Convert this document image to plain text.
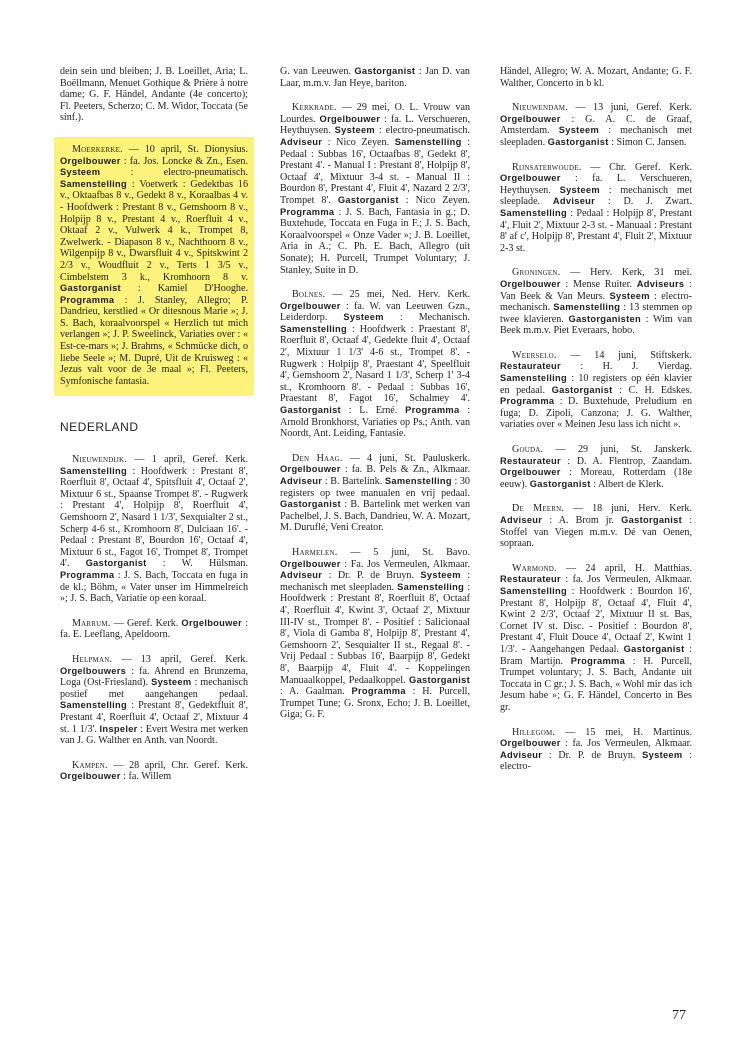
dein sein und bleiben; J. B. Loeillet, Aria; L. Boëllmann, Menuet Gothique & Prière à notre dame; G. F. Händel, Andante (4e concerto); Fl. Peeters, Scherzo; C. M. Widor, Toccata (5e sinf.).
Moerkerke. — 10 april, St. Dionysius. Orgelbouwer : fa. Jos. Loncke & Zn., Esen. Systeem : electro-pneumatisch. Samenstelling : Voetwerk : Gedektbas 16 v., Oktaafbas 8 v., Gedekt 8 v., Koraalbas 4 v. - Hoofdwerk : Prestant 8 v., Gemshoorn 8 v., Holpijp 8 v., Prestant 4 v., Roerfluit 4 v., Oktaaf 2 v., Vulwerk 4 k., Trompet 8, Zwelwerk. - Diapason 8 v., Nachthoorn 8 v., Wilgenpijp 8 v., Dwarsfluit 4 v., Spitskwint 2 2/3 v., Woudfluit 2 v., Terts 1 3/5 v., Cimbelstem 3 k., Kromhoorn 8 v. Gastorganist : Kamiel D'Hooghe. Programma : J. Stanley, Allegro; P. Dandrieu, kerstlied « Or ditesnous Marie »; J. S. Bach, koraalvoorspel « Herzlich tut mich verlangen »; J. P. Sweelinck, Variaties over : « Est-ce-mars »; J. Brahms, « Schmücke dich, o liebe Seele »; M. Dupré, Uit de Kruisweg : « Jezus valt voor de 3e maal »; Fl. Peeters, Symfonische fantasia.
NEDERLAND
Nieuwendijk. — 1 april, Geref. Kerk. Samenstelling : Hoofdwerk : Prestant 8', Roerfluit 8', Octaaf 4', Spitsfluit 4', Octaaf 2', Mixtuur 6 st., Spaanse Trompet 8'. - Rugwerk : Prestant 4', Holpijp 8', Roerfluit 4', Gemshoorn 2', Nasard 1 1/3', Sexquialter 2 st., Scherp 4-6 st., Kromhoorn 8', Dulciaan 16'. - Pedaal : Prestant 8', Bourdon 16', Octaaf 4', Mixtuur 6 st., Fagot 16', Trompet 8', Trompet 4'. Gastorganist : W. Hülsman. Programma : J. S. Bach, Toccata en fuga in de kl.; Böhm, « Vater unser im Himmelreich »; J. S. Bach, Variatie op een koraal.
Marrum. — Geref. Kerk. Orgelbouwer : fa. E. Leeflang, Apeldoorn.
Helpman. — 13 april, Geref. Kerk. Orgelbouwers : fa. Ahrend en Brunzema, Loga (Ost-Friesland). Systeem : mechanisch postief met aangehangen pedaal. Samenstelling : Prestant 8', Gedektfluit 8', Prestant 4', Roerfluit 4', Octaaf 2', Mixtuur 4 st. 1 1/3'. Inspeler : Evert Westra met werken van J. G. Walther en Anth. van Noordt.
Kampen. — 28 april, Chr. Geref. Kerk. Orgelbouwer : fa. Willem
G. van Leeuwen. Gastorganist : Jan D. van Laar, m.m.v. Jan Heye, bariton.
Kerkrade. — 29 mei, O. L. Vrouw van Lourdes. Orgelbouwer : fa. L. Verschueren, Heythuysen. Systeem : electro-pneumatisch. Adviseur : Nico Zeyen. Samenstelling : Pedaal : Subbas 16', Octaafbas 8', Gedekt 8', Prestant 4'. - Manual I : Prestant 8', Holpijp 8', Octaaf 4', Mixtuur 3-4 st. - Manual II : Bourdon 8', Prestant 4', Fluit 4', Nazard 2 2/3', Trompet 8'. Gastorganist : Nico Zeyen. Programma : J. S. Bach, Fantasia in g.; D. Buxtehude, Toccata en Fuga in F.; J. S. Bach, Koraalvoorspel « Onze Vader »; J. B. Loeillet, Aria in A.; C. Ph. E. Bach, Allegro (uit Sonate); H. Purcell, Trumpet Voluntary; J. Stanley, Suite in D.
Bolnes. — 25 mei, Ned. Herv. Kerk. Orgelbouwer : fa. W. van Leeuwen Gzn., Leiderdorp. Systeem : Mechanisch. Samenstelling : Hoofdwerk : Praestant 8', Roerfluit 8', Octaaf 4', Gedekte fluit 4', Octaaf 2', Mixtuur 1 1/3' 4-6 st., Trompet 8'. - Rugwerk : Holpijp 8', Praestant 4', Speelfluit 4', Gemshoorn 2', Nasard 1 1/3', Scherp 1' 3-4 st., Kromhoorn 8'. - Pedaal : Subbas 16', Praestant 8', Fagot 16', Schalmey 4'. Gastorganist : L. Erné. Programma : Arnold Bronkhorst, Variaties op Ps.; Anth. van Noordt, Ant. Leiding, Fantasie.
Den Haag. — 4 juni, St. Pauluskerk. Orgelbouwer : fa. B. Pels & Zn., Alkmaar. Adviseur : B. Bartelink. Samenstelling : 30 registers op twee manualen en vrij pedaal. Gastorganist : B. Bartelink met werken van Pachelbel, J. S. Bach, Dandrieu, W. A. Mozart, M. Duruflé, Veni Creator.
Harmelen. — 5 juni, St. Bavo. Orgelbouwer : Fa. Jos Vermeulen, Alkmaar. Adviseur : Dr. P. de Bruyn. Systeem : mechanisch met sleepladen. Samenstelling : Hoofdwerk : Prestant 8', Roerfluit 8', Octaaf 4', Roerfluit 4', Kwint 3', Octaaf 2', Mixtuur III-IV st., Trompet 8'. - Positief : Salicionaal 8', Viola di Gamba 8', Holpijp 8', Prestant 4', Gemshoorn 2', Sesquialter II st., Regaal 8'. - Vrij Pedaal : Subbas 16', Baarpijp 8', Gedekt 8', Baarpijp 4', Fluit 4'. - Koppelingen Manuaalkoppel, Pedaalkoppel. Gastorganist : A. Gaalman. Programma : H. Purcell, Trumpet Tune; G. Sronx, Echo; J. B. Loeillet, Giga; G. F.
Händel, Allegro; W. A. Mozart, Andante; G. F. Walther, Concerto in b kl.
Nieuwendam. — 13 juni, Geref. Kerk. Orgelbouwer : G. A. C. de Graaf, Amsterdam. Systeem : mechanisch met sleepladen. Gastorganist : Simon C. Jansen.
Rijnsaterwoude. — Chr. Geref. Kerk. Orgelbouwer : fa. L. Verschueren, Heythuysen. Systeem : mechanisch met sleeplade. Adviseur : D. J. Zwart. Samenstelling : Pedaal : Holpijp 8', Prestant 4', Fluit 2', Mixtuur 2-3 st. - Manuaal : Prestant 8' af c', Holpijp 8', Prestant 4', Fluit 2', Mixtuur 2-3 st.
Groningen. — Herv. Kerk, 31 mei. Orgelbouwer : Mense Ruiter. Adviseurs : Van Beek & Van Meurs. Systeem : electro-mechanisch. Samenstelling : 13 stemmen op twee klavieren. Gastorganisten : Wim van Beek m.m.v. Piet Everaars, hobo.
Weerselo. — 14 juni, Stiftskerk. Restaurateur : H. J. Vierdag. Samenstelling : 10 registers op één klavier en pedaal. Gastorganist : C. H. Edskes. Programma : D. Buxtehude, Preludium en fuga; D. Zipoli, Canzona; J. G. Walther, variaties over « Meinen Jesu lass ich nicht ».
Gouda. — 29 juni, St. Janskerk. Restaurateur : D. A. Flentrop, Zaandam. Orgelbouwer : Moreau, Rotterdam (18e eeuw). Gastorganist : Albert de Klerk.
De Meern. — 18 juni, Herv. Kerk. Adviseur : A. Brom jr. Gastorganist : Stoffel van Viegen m.m.v. Dé van Oenen, sopraan.
Warmond. — 24 april, H. Matthias. Restaurateur : fa. Jos Vermeulen, Alkmaar. Samenstelling : Hoofdwerk : Bourdon 16', Prestant 8', Holpijp 8', Octaaf 4', Fluit 4', Kwint 2 2/3', Octaaf 2', Mixtuur II st. Bas, Cornet IV st. Disc. - Positief : Bourdon 8', Prestant 4', Fluit Douce 4', Octaaf 2', Kwint 1 1/3'. - Aangehangen Pedaal. Gastorganist : Bram Martijn. Programma : H. Purcell, Trumpet voluntary; J. S. Bach, Andante uit Toccata in C gr.; J. S. Bach, « Wohl mir das ich Jesum habe »; G. F. Händel, Concerto in Bes gr.
Hillegom. — 15 mei, H. Martinus. Orgelbouwer : fa. Jos Vermeulen, Alkmaar. Adviseur : Dr. P. de Bruyn. Systeem : electro-
77
